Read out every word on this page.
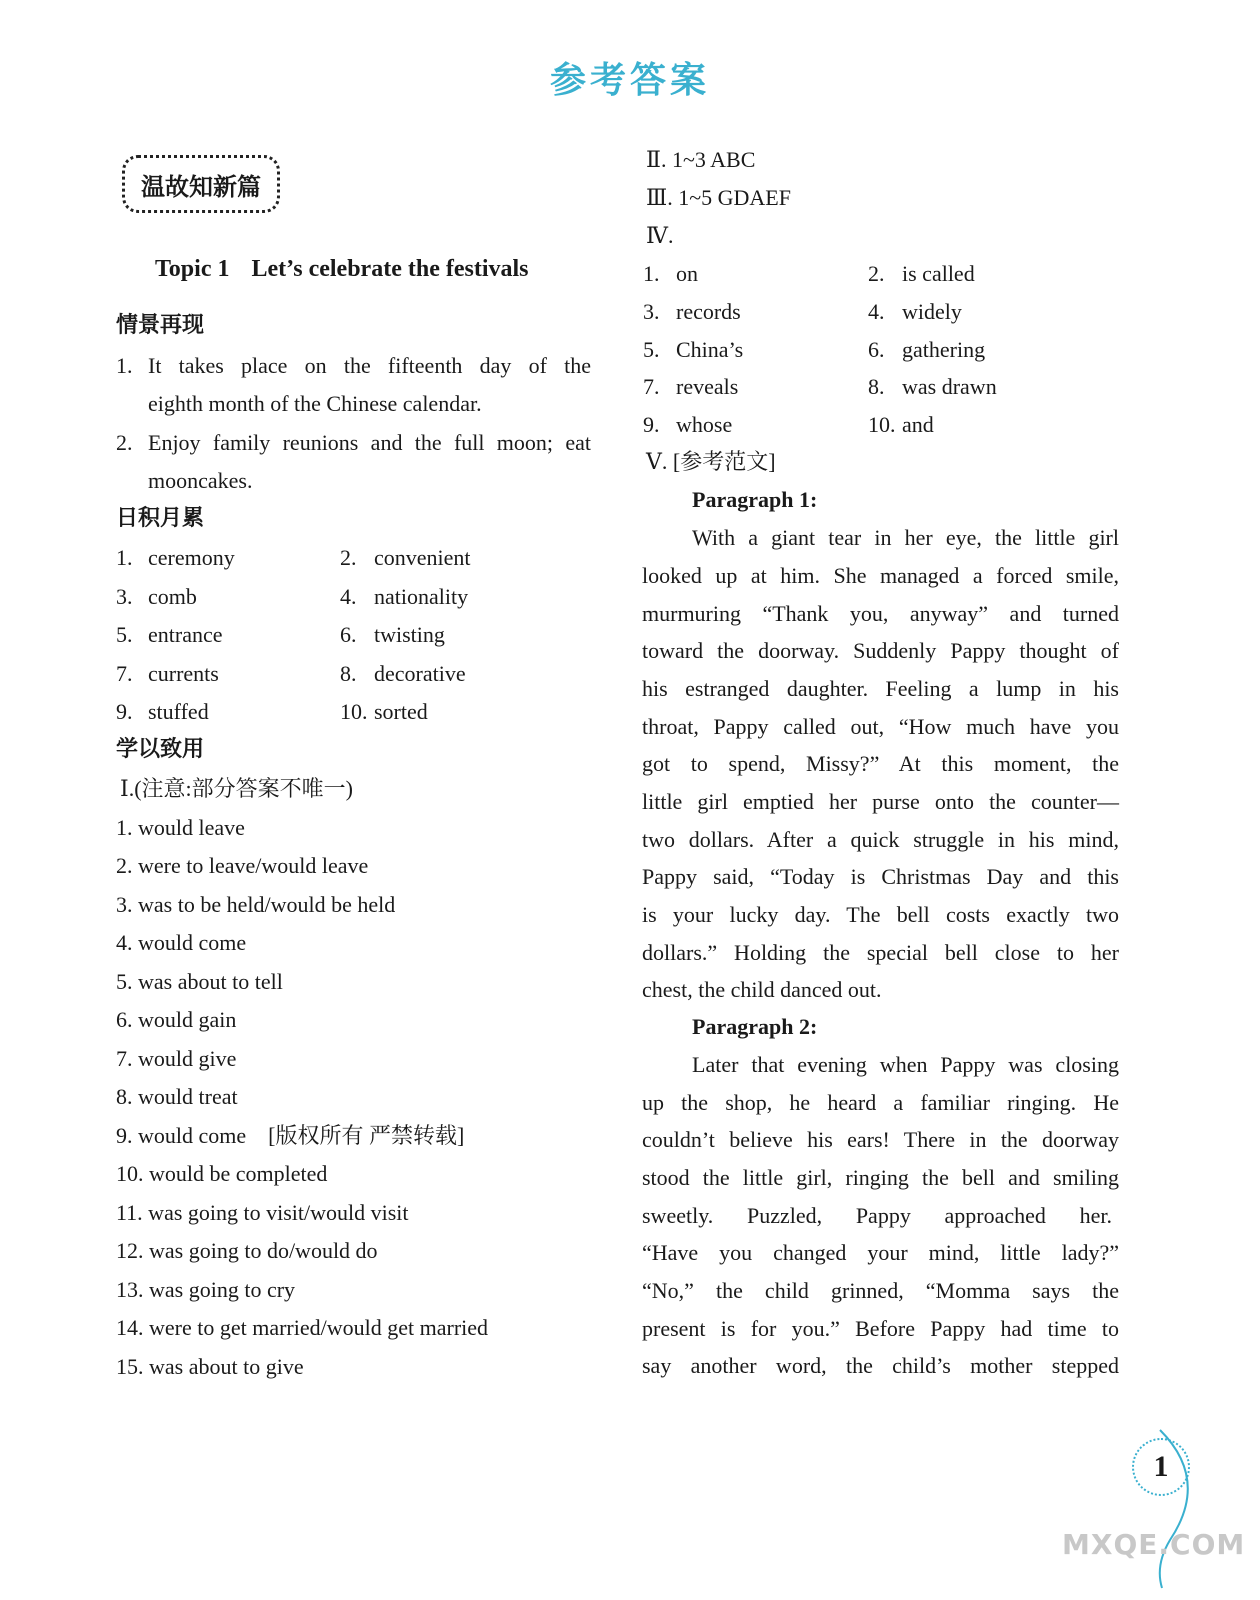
参考答案
温故知新篇
Topic 1 Let’s celebrate the festivals
情景再现
1. It takes place on the fifteenth day of the
eighth month of the Chinese calendar.
2. Enjoy family reunions and the full moon; eat
mooncakes.
日积月累
1. ceremony	2. convenient
3. comb	4. nationality
5. entrance	6. twisting
7. currents	8. decorative
9. stuffed	10. sorted
学以致用
Ⅰ.(注意:部分答案不唯一)
1. would leave
2. were to leave/would leave
3. was to be held/would be held
4. would come
5. was about to tell
6. would gain
7. would give
8. would treat
9. would come [版权所有 严禁转载]
10. would be completed
11. was going to visit/would visit
12. was going to do/would do
13. was going to cry
14. were to get married/would get married
15. was about to give
Ⅱ. 1~3 ABC
Ⅲ. 1~5 GDAEF
Ⅳ.
1. on	2. is called
3. records	4. widely
5. China’s	6. gathering
7. reveals	8. was drawn
9. whose	10. and
Ⅴ. [参考范文]
Paragraph 1:
With a giant tear in her eye, the little girl
looked up at him. She managed a forced smile,
murmuring “Thank you, anyway” and turned
toward the doorway. Suddenly Pappy thought of
his estranged daughter. Feeling a lump in his
throat, Pappy called out, “How much have you
got to spend, Missy?” At this moment, the
little girl emptied her purse onto the counter—
two dollars. After a quick struggle in his mind,
Pappy said, “Today is Christmas Day and this
is your lucky day. The bell costs exactly two
dollars.” Holding the special bell close to her
chest, the child danced out.
Paragraph 2:
Later that evening when Pappy was closing
up the shop, he heard a familiar ringing. He
couldn’t believe his ears! There in the doorway
stood the little girl, ringing the bell and smiling
sweetly. Puzzled, Pappy approached her.
“Have you changed your mind, little lady?”
“No,” the child grinned, “Momma says the
present is for you.” Before Pappy had time to
say another word, the child’s mother stepped
1
MXQE.COM
